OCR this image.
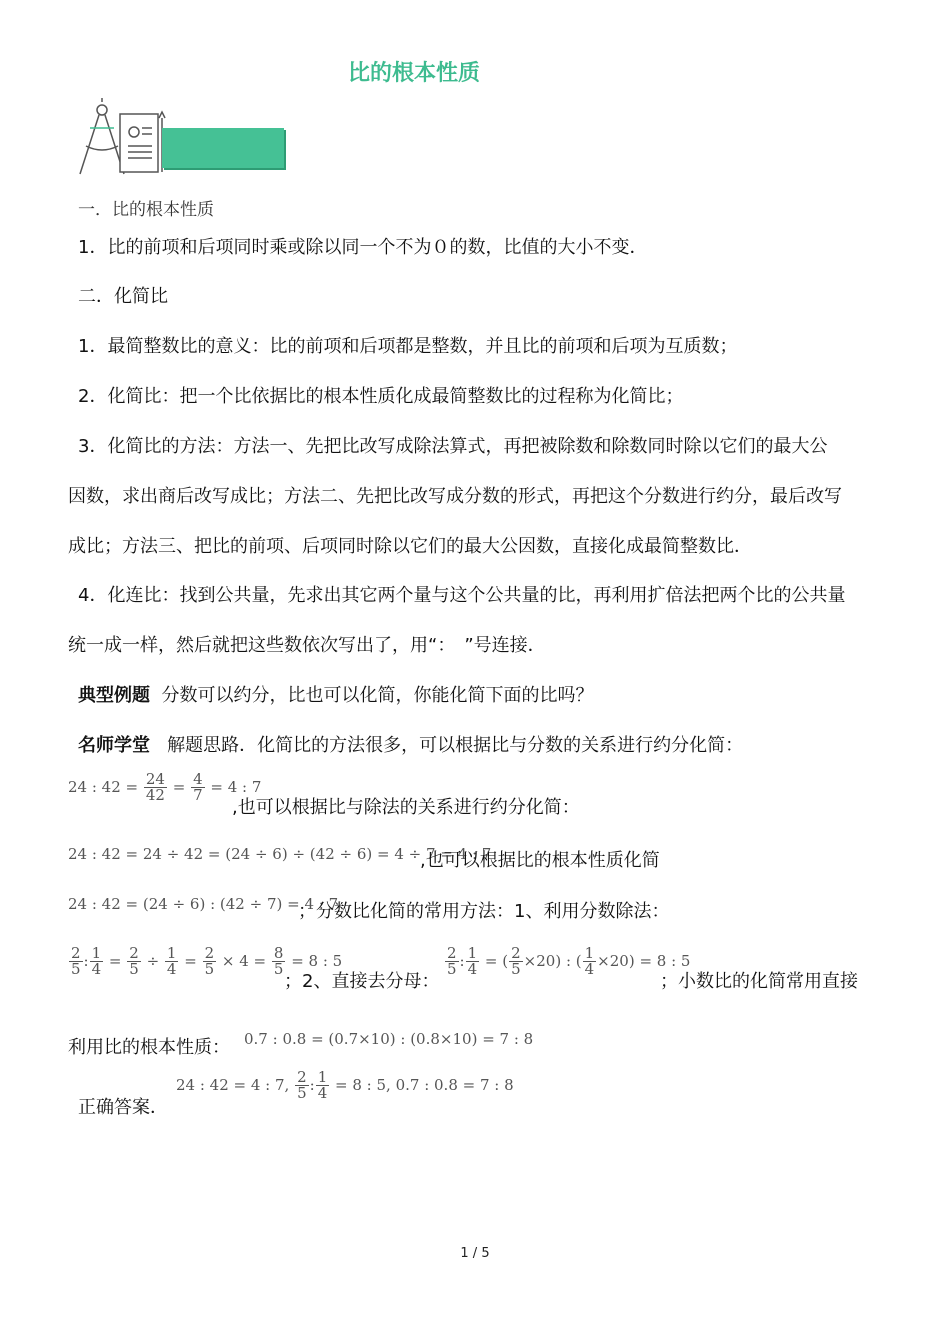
比的根本性质
一．比的根本性质
1．比的前项和后项同时乘或除以同一个不为０的数，比值的大小不变．
二．化简比
1．最简整数比的意义：比的前项和后项都是整数，并且比的前项和后项为互质数；
2．化简比：把一个比依据比的根本性质化成最简整数比的过程称为化简比；
3．化简比的方法：方法一、先把比改写成除法算式，再把被除数和除数同时除以它们的最大公
因数，求出商后改写成比；方法二、先把比改写成分数的形式，再把这个分数进行约分，最后改写
成比；方法三、把比的前项、后项同时除以它们的最大公因数，直接化成最简整数比．
4．化连比：找到公共量，先求出其它两个量与这个公共量的比，再利用扩倍法把两个比的公共量
统一成一样，然后就把这些数依次写出了，用“：　”号连接．
典型例题 分数可以约分，比也可以化简，你能化简下面的比吗？
名师学堂 解题思路．化简比的方法很多，可以根据比与分数的关系进行约分化简：
24 : $42 = \frac{24}{42} = \frac{4}{7} = 4$ : 7
,也可以根据比与除法的关系进行约分化简：
24 : 42 = 24 ÷ 42 = (24 ÷ 6) ÷ (42 ÷ 6) = 4 ÷ 7 = 4 : 7
,也可以根据比的根本性质化简
24 : 42 = (24 ÷ 6) : (42 ÷ 7) = 4 : 7
；分数比化简的常用方法：1、利用分数除法：
$\frac{2}{5}$ : $\frac{1}{4} = \frac{2}{5} \div \frac{1}{4} = \frac{2}{5} \times 4 = \frac{8}{5} = 8$ : 5
；2、直接去分母：
$\frac{2}{5}$ : $\frac{1}{4}$ = ( $\frac{2}{5} \times 20$) : ( $\frac{1}{4} \times 20) = 8$ : 5
；小数比的化简常用直接
利用比的根本性质： 0.7 : 0.8 = (0.7×10) : (0.8×10) = 7 : 8
24 : 42 = 4 : 7, $\frac{2}{5}$ : $\frac{1}{4} = 8$ : 5, 0.7 : 0.8 = 7 : 8
正确答案．
1 / 5
